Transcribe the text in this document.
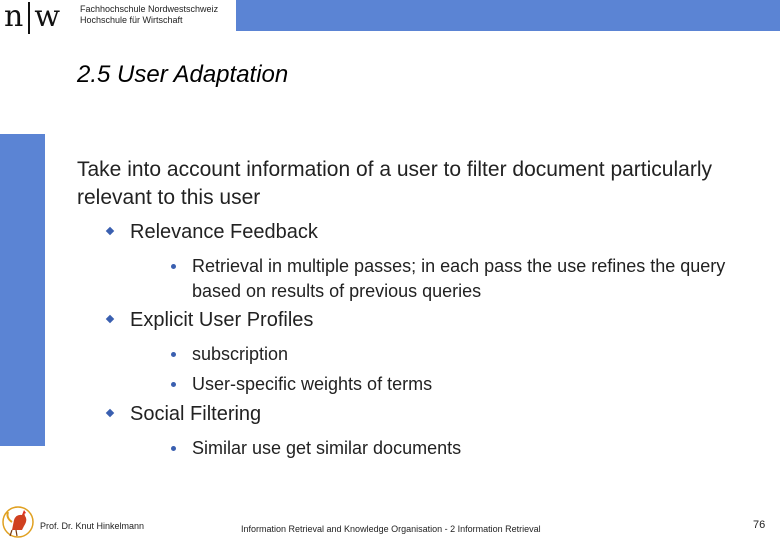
n w Fachhochschule Nordwestschweiz
Hochschule für Wirtschaft
2.5 User Adaptation
Take into account information of a user to filter document particularly relevant to this user
Relevance Feedback
Retrieval in multiple passes; in each pass the use refines the query based on results of previous queries
Explicit User Profiles
subscription
User-specific weights of terms
Social Filtering
Similar use get similar documents
Prof. Dr. Knut Hinkelmann	Information Retrieval and Knowledge Organisation - 2 Information Retrieval	76
